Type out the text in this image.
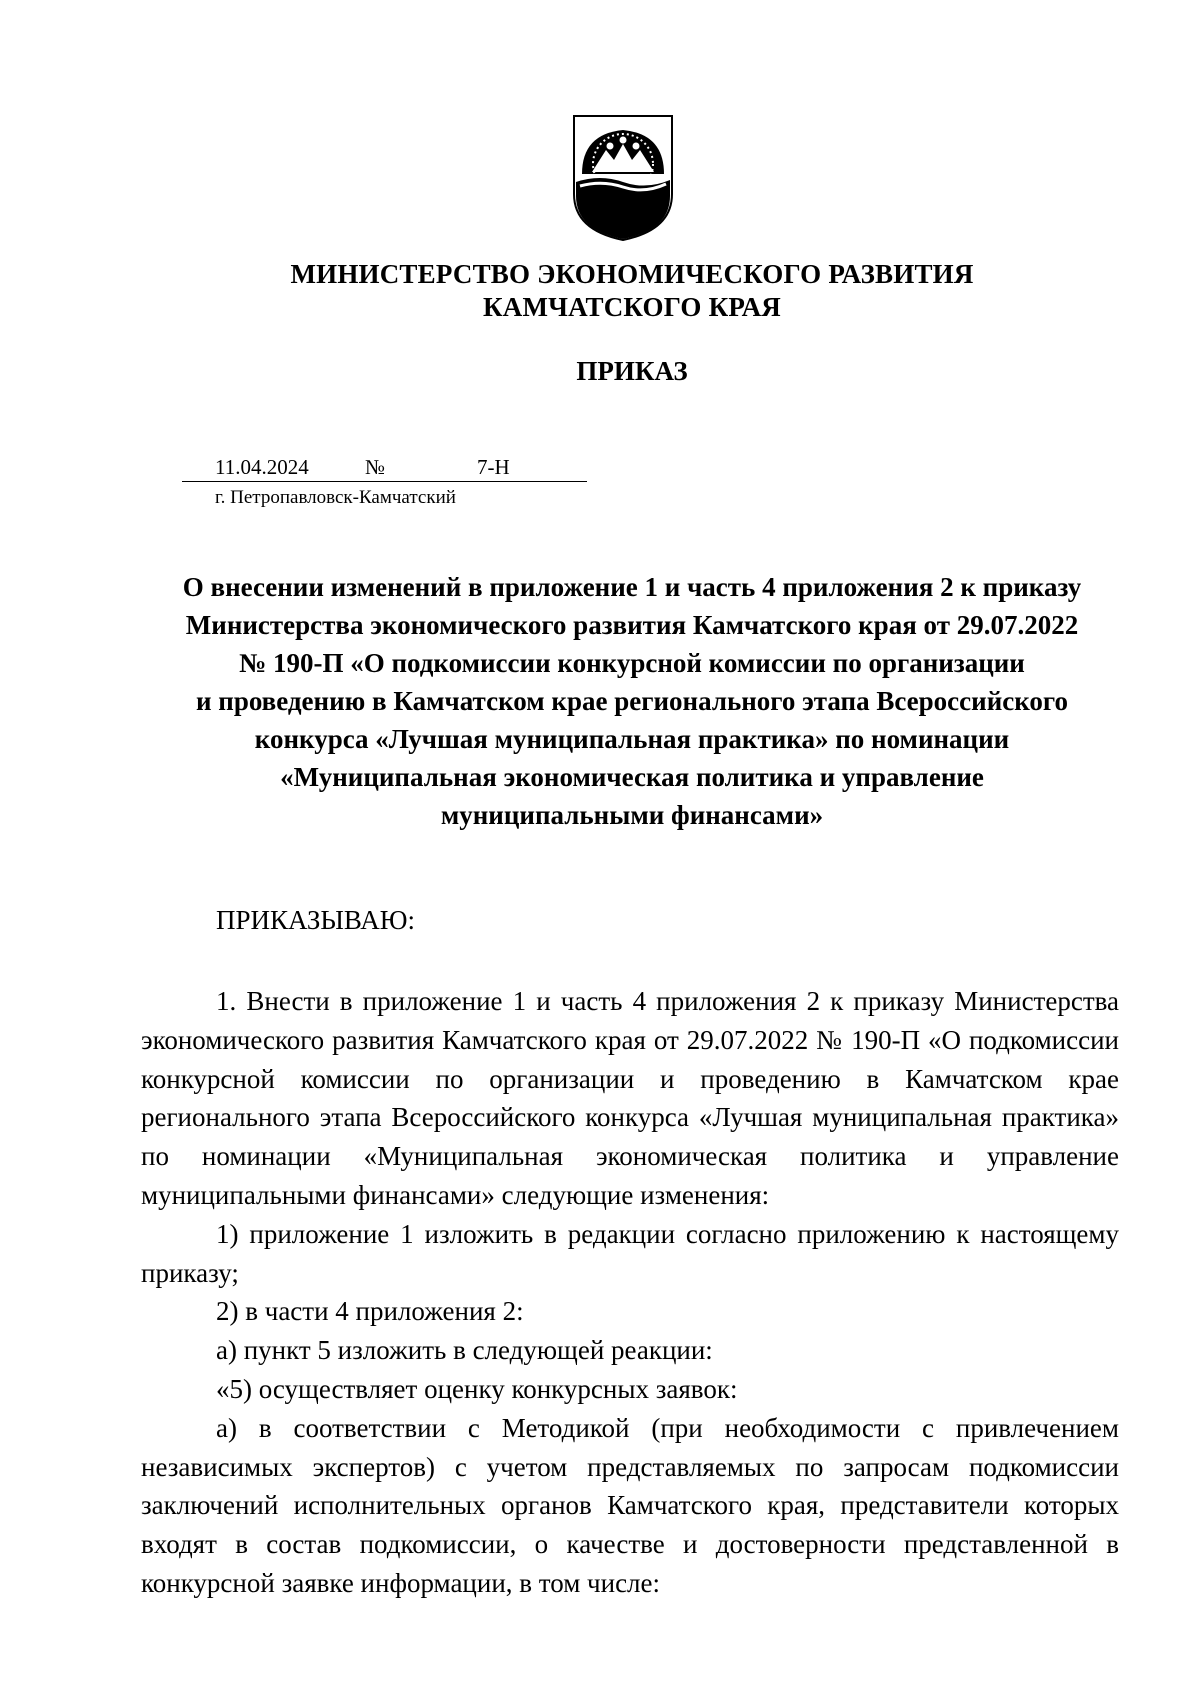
МИНИСТЕРСТВО ЭКОНОМИЧЕСКОГО РАЗВИТИЯ
КАМЧАТСКОГО КРАЯ
ПРИКАЗ
11.04.2024	№	7-Н
г. Петропавловск-Камчатский
О внесении изменений в приложение 1 и часть 4 приложения 2 к приказу
Министерства экономического развития Камчатского края от 29.07.2022
№ 190-П «О подкомиссии конкурсной комиссии по организации
и проведению в Камчатском крае регионального этапа Всероссийского
конкурса «Лучшая муниципальная практика» по номинации
«Муниципальная экономическая политика и управление
муниципальными финансами»
ПРИКАЗЫВАЮ:

1. Внести в приложение 1 и часть 4 приложения 2 к приказу Министерства экономического развития Камчатского края от 29.07.2022 № 190-П «О подкомиссии конкурсной комиссии по организации и проведению в Камчатском крае регионального этапа Всероссийского конкурса «Лучшая муниципальная практика» по номинации «Муниципальная экономическая политика и управление муниципальными финансами» следующие изменения:

1) приложение 1 изложить в редакции согласно приложению к настоящему приказу;

2) в части 4 приложения 2:

а) пункт 5 изложить в следующей реакции:

«5) осуществляет оценку конкурсных заявок:

а) в соответствии с Методикой (при необходимости с привлечением независимых экспертов) с учетом представляемых по запросам подкомиссии заключений исполнительных органов Камчатского края, представители которых входят в состав подкомиссии, о качестве и достоверности представленной в конкурсной заявке информации, в том числе:
